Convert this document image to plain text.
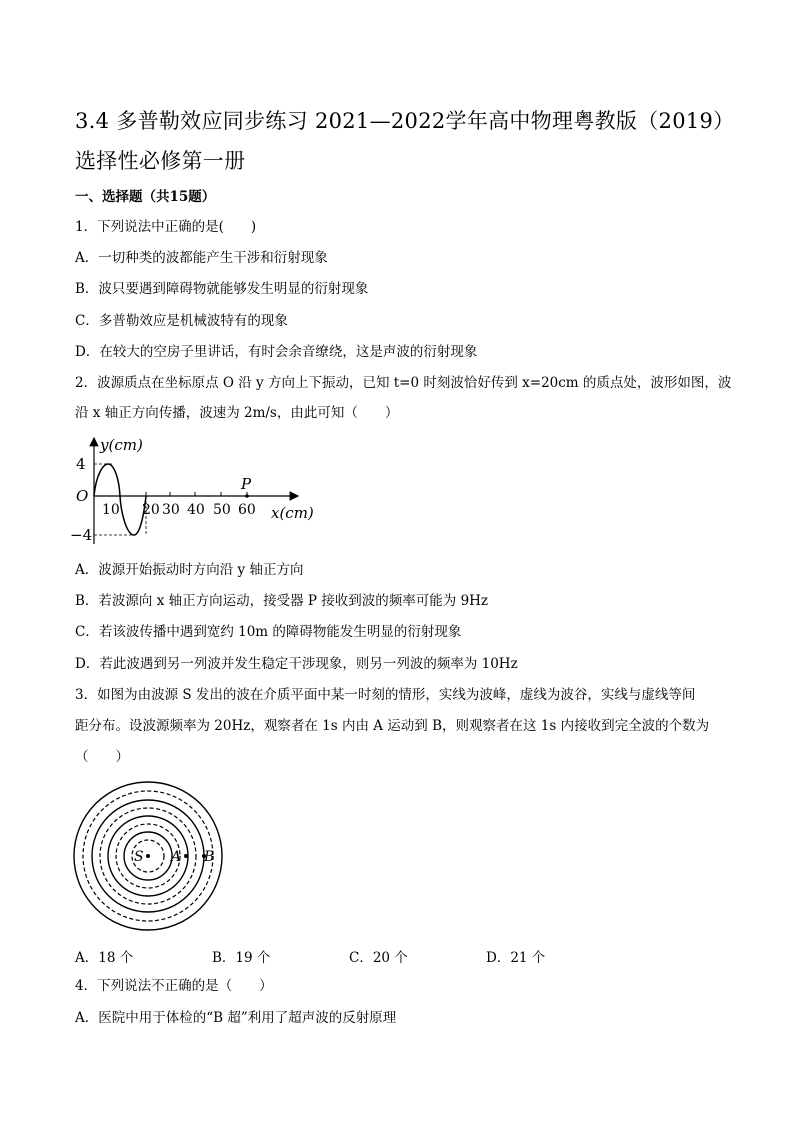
3.4 多普勒效应同步练习 2021—2022学年高中物理粤教版（2019）选择性必修第一册
一、选择题（共15题）
1．下列说法中正确的是(　　)
A．一切种类的波都能产生干涉和衍射现象
B．波只要遇到障碍物就能够发生明显的衍射现象
C．多普勒效应是机械波特有的现象
D．在较大的空房子里讲话，有时会余音缭绕，这是声波的衍射现象
2．波源质点在坐标原点 O 沿 y 方向上下振动，已知 t=0 时刻波恰好传到 x=20cm 的质点处，波形如图，波
沿 x 轴正方向传播，波速为 2m/s，由此可知（　　）
y(cm)
4
O
−4
10 20 30 40 50 60
P
x(cm)
A．波源开始振动时方向沿 y 轴正方向
B．若波源向 x 轴正方向运动，接受器 P 接收到波的频率可能为 9Hz
C．若该波传播中遇到宽约 10m 的障碍物能发生明显的衍射现象
D．若此波遇到另一列波并发生稳定干涉现象，则另一列波的频率为 10Hz
3．如图为由波源 S 发出的波在介质平面中某一时刻的情形，实线为波峰，虚线为波谷，实线与虚线等间
距分布。设波源频率为 20Hz，观察者在 1s 内由 A 运动到 B，则观察者在这 1s 内接收到完全波的个数为
（　　）
S A B
A．18 个	B．19 个	C．20 个	D．21 个
4．下列说法不正确的是（　　）
A．医院中用于体检的“B 超”利用了超声波的反射原理
